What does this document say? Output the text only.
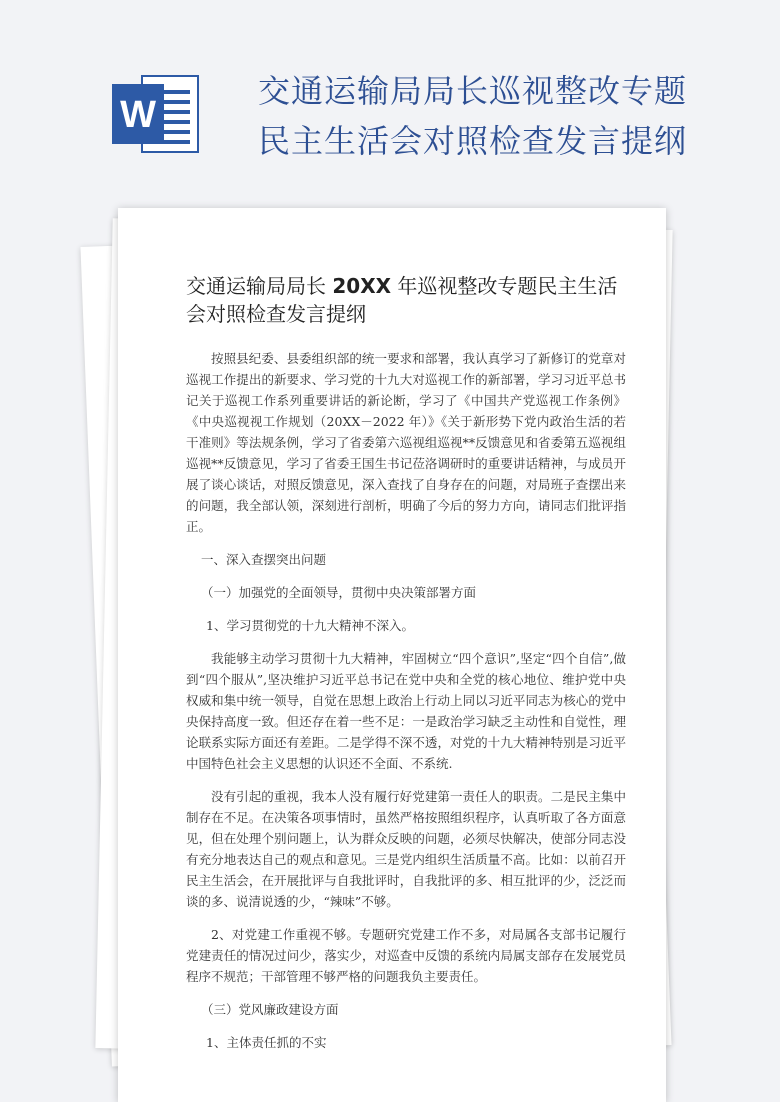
W
交通运输局局长巡视整改专题
民主生活会对照检查发言提纲
交通运输局局长 20XX 年巡视整改专题民主生活会对照检查发言提纲

按照县纪委、县委组织部的统一要求和部署，我认真学习了新修订的党章对巡视工作提出的新要求、学习党的十九大对巡视工作的新部署，学习习近平总书记关于巡视工作系列重要讲话的新论断，学习了《中国共产党巡视工作条例》《中央巡视视工作规划（20XX－2022 年）》《关于新形势下党内政治生活的若干准则》等法规条例，学习了省委第六巡视组巡视**反馈意见和省委第五巡视组巡视**反馈意见，学习了省委王国生书记莅洛调研时的重要讲话精神，与成员开展了谈心谈话，对照反馈意见，深入查找了自身存在的问题，对局班子查摆出来的问题，我全部认领，深刻进行剖析，明确了今后的努力方向，请同志们批评指正。

一、深入查摆突出问题

（一）加强党的全面领导，贯彻中央决策部署方面

1、学习贯彻党的十九大精神不深入。

我能够主动学习贯彻十九大精神，牢固树立“四个意识”,坚定“四个自信”,做到“四个服从”,坚决维护习近平总书记在党中央和全党的核心地位、维护党中央权威和集中统一领导，自觉在思想上政治上行动上同以习近平同志为核心的党中央保持高度一致。但还存在着一些不足：一是政治学习缺乏主动性和自觉性，理论联系实际方面还有差距。二是学得不深不透，对党的十九大精神特别是习近平中国特色社会主义思想的认识还不全面、不系统.

没有引起的重视，我本人没有履行好党建第一责任人的职责。二是民主集中制存在不足。在决策各项事情时，虽然严格按照组织程序，认真听取了各方面意见，但在处理个别问题上，认为群众反映的问题，必须尽快解决，使部分同志没有充分地表达自己的观点和意见。三是党内组织生活质量不高。比如：以前召开民主生活会，在开展批评与自我批评时，自我批评的多、相互批评的少，泛泛而谈的多、说清说透的少，“辣味”不够。

2、对党建工作重视不够。专题研究党建工作不多，对局属各支部书记履行党建责任的情况过问少，落实少，对巡查中反馈的系统内局属支部存在发展党员程序不规范；干部管理不够严格的问题我负主要责任。

（三）党风廉政建设方面

1、主体责任抓的不实
